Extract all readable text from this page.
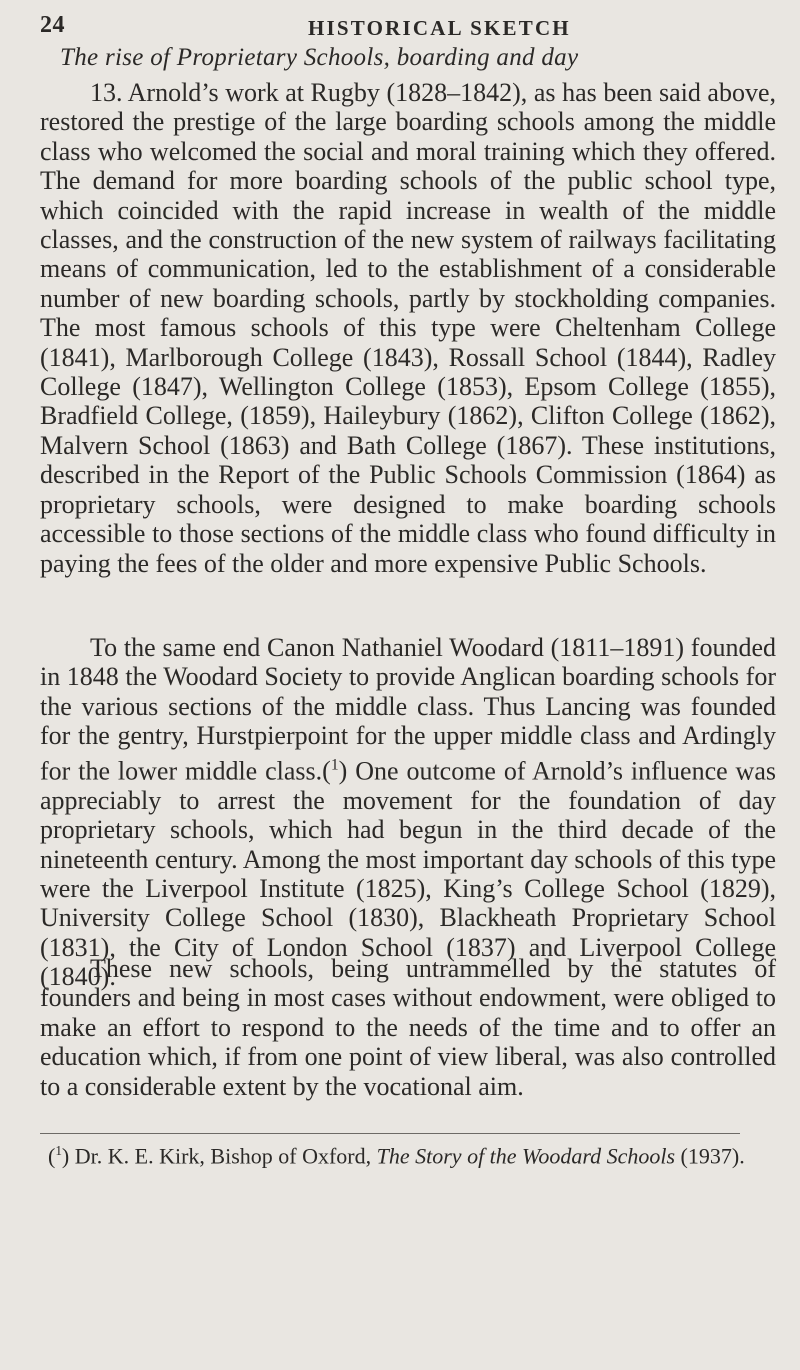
24	HISTORICAL SKETCH
The rise of Proprietary Schools, boarding and day

13. Arnold’s work at Rugby (1828–1842), as has been said above, restored the prestige of the large boarding schools among the middle class who welcomed the social and moral training which they offered. The demand for more boarding schools of the public school type, which coincided with the rapid increase in wealth of the middle classes, and the construction of the new system of railways facilitating means of communication, led to the establishment of a considerable number of new boarding schools, partly by stockholding companies. The most famous schools of this type were Cheltenham College (1841), Marlborough College (1843), Rossall School (1844), Radley College (1847), Wellington College (1853), Epsom College (1855), Bradfield College, (1859), Haileybury (1862), Clifton College (1862), Malvern School (1863) and Bath College (1867). These institutions, described in the Report of the Public Schools Commission (1864) as proprietary schools, were designed to make boarding schools accessible to those sections of the middle class who found difficulty in paying the fees of the older and more expensive Public Schools.

To the same end Canon Nathaniel Woodard (1811–1891) founded in 1848 the Woodard Society to provide Anglican boarding schools for the various sections of the middle class. Thus Lancing was founded for the gentry, Hurstpierpoint for the upper middle class and Ardingly for the lower middle class.($^1$) One outcome of Arnold’s influence was appreciably to arrest the movement for the foundation of day proprietary schools, which had begun in the third decade of the nineteenth century. Among the most important day schools of this type were the Liverpool Institute (1825), King’s College School (1829), University College School (1830), Blackheath Proprietary School (1831), the City of London School (1837) and Liverpool College (1840).

These new schools, being untrammelled by the statutes of founders and being in most cases without endowment, were obliged to make an effort to respond to the needs of the time and to offer an education which, if from one point of view liberal, was also controlled to a considerable extent by the vocational aim.

($^1$) Dr. K. E. Kirk, Bishop of Oxford, The Story of the Woodard Schools (1937).
